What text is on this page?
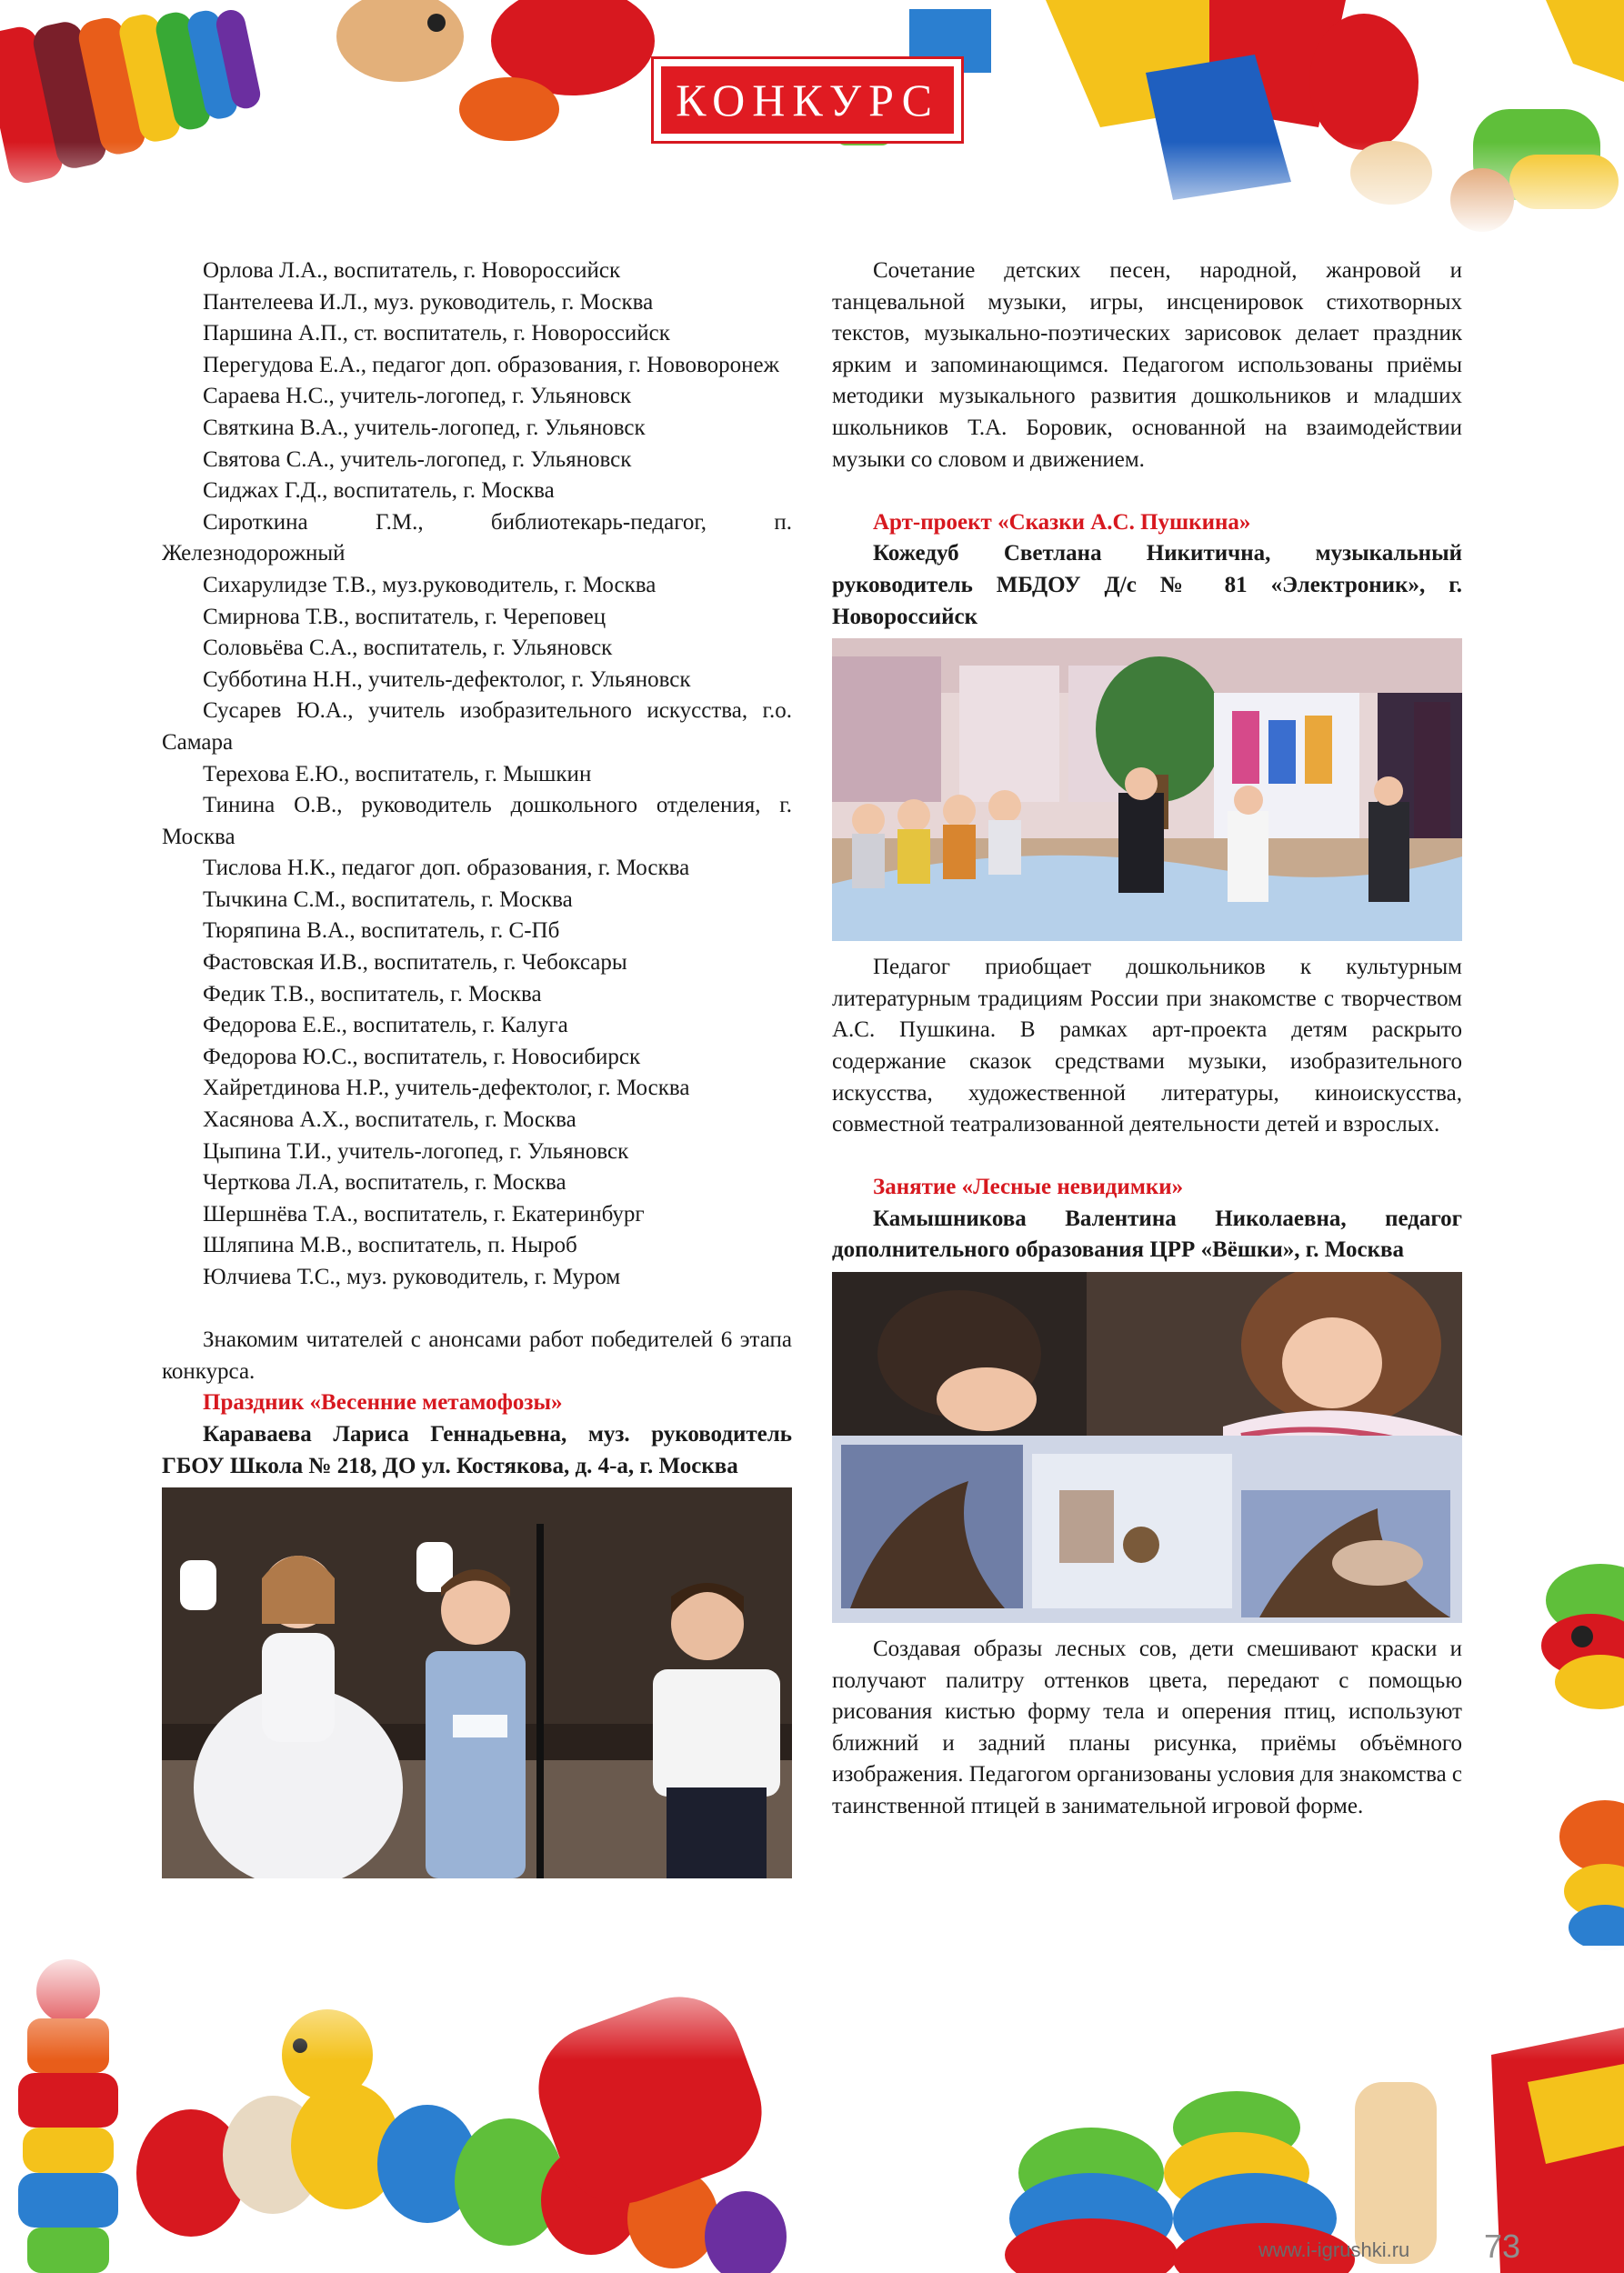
КОНКУРС

Орлова Л.А., воспитатель, г. Новороссийск

Пантелеева И.Л., муз. руководитель, г. Москва

Паршина А.П., ст. воспитатель, г. Новороссийск

Перегудова Е.А., педагог доп. образования, г. Нововоронеж

Сараева Н.С., учитель-логопед, г. Ульяновск

Святкина В.А., учитель-логопед, г. Ульяновск

Святова С.А., учитель-логопед, г. Ульяновск

Сиджах Г.Д., воспитатель, г. Москва

Сироткина Г.М., библиотекарь-педагог, п. Железнодорожный

Сихарулидзе Т.В., муз.руководитель, г. Москва

Смирнова Т.В., воспитатель, г. Череповец

Соловьёва С.А., воспитатель, г. Ульяновск

Субботина Н.Н., учитель-дефектолог, г. Ульяновск

Сусарев Ю.А., учитель изобразительного искусства, г.о. Самара

Терехова Е.Ю., воспитатель, г. Мышкин

Тинина О.В., руководитель дошкольного отделения, г. Москва

Тислова Н.К., педагог доп. образования, г. Москва

Тычкина С.М., воспитатель, г. Москва

Тюряпина В.А., воспитатель, г. С-Пб

Фастовская И.В., воспитатель, г. Чебоксары

Федик Т.В., воспитатель, г. Москва

Федорова Е.Е., воспитатель, г. Калуга

Федорова Ю.С., воспитатель, г. Новосибирск

Хайретдинова Н.Р., учитель-дефектолог, г. Москва

Хасянова А.Х., воспитатель, г. Москва

Цыпина Т.И., учитель-логопед, г. Ульяновск

Черткова Л.А, воспитатель, г. Москва

Шершнёва Т.А., воспитатель, г. Екатеринбург

Шляпина М.В., воспитатель, п. Ныроб

Юлчиева Т.С., муз. руководитель, г. Муром

Знакомим читателей с анонсами работ победителей 6 этапа конкурса.

Праздник «Весенние метамофозы»

Караваева Лариса Геннадьевна, муз. руководитель ГБОУ Школа № 218, ДО ул. Костякова, д. 4-а, г. Москва

Сочетание детских песен, народной, жанровой и танцевальной музыки, игры, инсценировок стихотворных текстов, музыкально-поэтических зарисовок делает праздник ярким и запоминающимся. Педагогом использованы приёмы методики музыкального развития дошкольников и младших школьников Т.А. Боровик, основанной на взаимодействии музыки со словом и движением.

Арт-проект «Сказки А.С. Пушкина»

Кожедуб Светлана Никитична, музыкальный руководитель МБДОУ Д/с № 81 «Электроник», г. Новороссийск

Педагог приобщает дошкольников к культурным литературным традициям России при знакомстве с творчеством А.С. Пушкина. В рамках арт-проекта детям раскрыто содержание сказок средствами музыки, изобразительного искусства, художественной литературы, киноискусства, совместной театрализованной деятельности детей и взрослых.

Занятие «Лесные невидимки»

Камышникова Валентина Николаевна, педагог дополнительного образования ЦРР «Вёшки», г. Москва

Создавая образы лесных сов, дети смешивают краски и получают палитру оттенков цвета, передают с помощью рисования кистью форму тела и оперения птиц, используют ближний и задний планы рисунка, приёмы объёмного изображения. Педагогом организованы условия для знакомства с таинственной птицей в занимательной игровой форме.

www.i-igrushki.ru 73
